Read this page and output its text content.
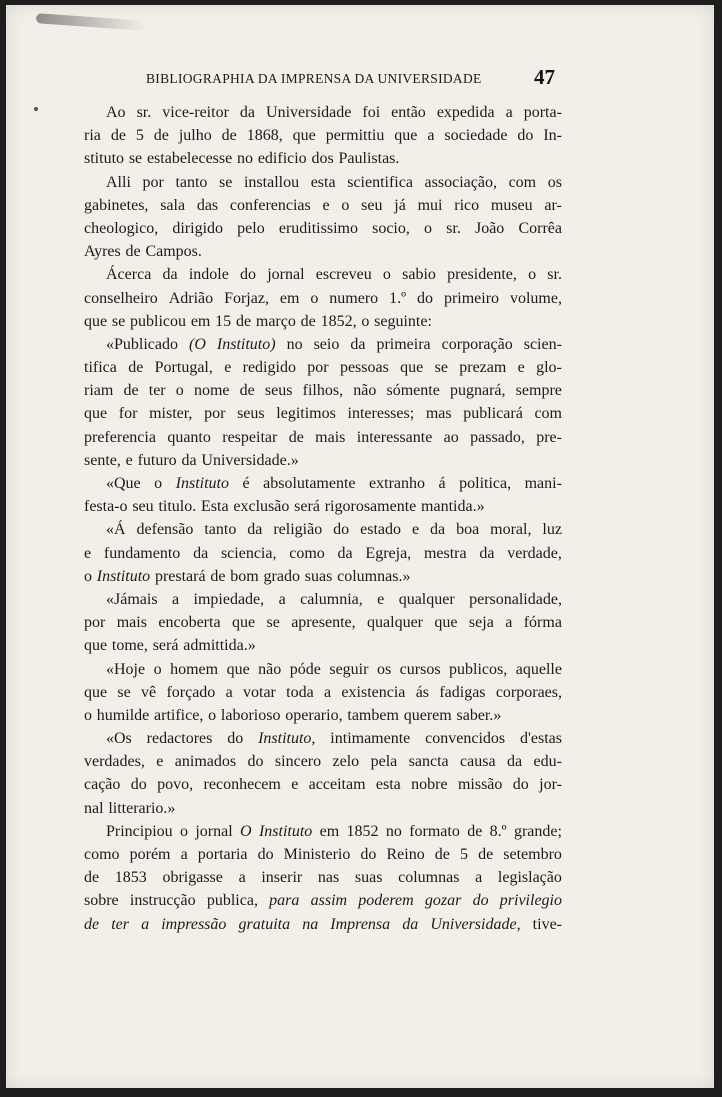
BIBLIOGRAPHIA DA IMPRENSA DA UNIVERSIDADE 47
Ao sr. vice-reitor da Universidade foi então expedida a porta-
ria de 5 de julho de 1868, que permittiu que a sociedade do In-
stituto se estabelecesse no edificio dos Paulistas.
Alli por tanto se installou esta scientifica associação, com os
gabinetes, sala das conferencias e o seu já mui rico museu ar-
cheologico, dirigido pelo eruditissimo socio, o sr. João Corrêa
Ayres de Campos.
Ácerca da indole do jornal escreveu o sabio presidente, o sr.
conselheiro Adrião Forjaz, em o numero 1.º do primeiro volume,
que se publicou em 15 de março de 1852, o seguinte:
«Publicado (O Instituto) no seio da primeira corporação scien-
tifica de Portugal, e redigido por pessoas que se prezam e glo-
riam de ter o nome de seus filhos, não sómente pugnará, sempre
que for mister, por seus legitimos interesses; mas publicará com
preferencia quanto respeitar de mais interessante ao passado, pre-
sente, e futuro da Universidade.»
«Que o Instituto é absolutamente extranho á politica, mani-
festa-o seu titulo. Esta exclusão será rigorosamente mantida.»
«Á defensão tanto da religião do estado e da boa moral, luz
e fundamento da sciencia, como da Egreja, mestra da verdade,
o Instituto prestará de bom grado suas columnas.»
«Jámais a impiedade, a calumnia, e qualquer personalidade,
por mais encoberta que se apresente, qualquer que seja a fórma
que tome, será admittida.»
«Hoje o homem que não póde seguir os cursos publicos, aquelle
que se vê forçado a votar toda a existencia ás fadigas corporaes,
o humilde artifice, o laborioso operario, tambem querem saber.»
«Os redactores do Instituto, intimamente convencidos d'estas
verdades, e animados do sincero zelo pela sancta causa da edu-
cação do povo, reconhecem e acceitam esta nobre missão do jor-
nal litterario.»
Principiou o jornal O Instituto em 1852 no formato de 8.º grande;
como porém a portaria do Ministerio do Reino de 5 de setembro
de 1853 obrigasse a inserir nas suas columnas a legislação
sobre instrucção publica, para assim poderem gozar do privilegio
de ter a impressão gratuita na Imprensa da Universidade, tive-
